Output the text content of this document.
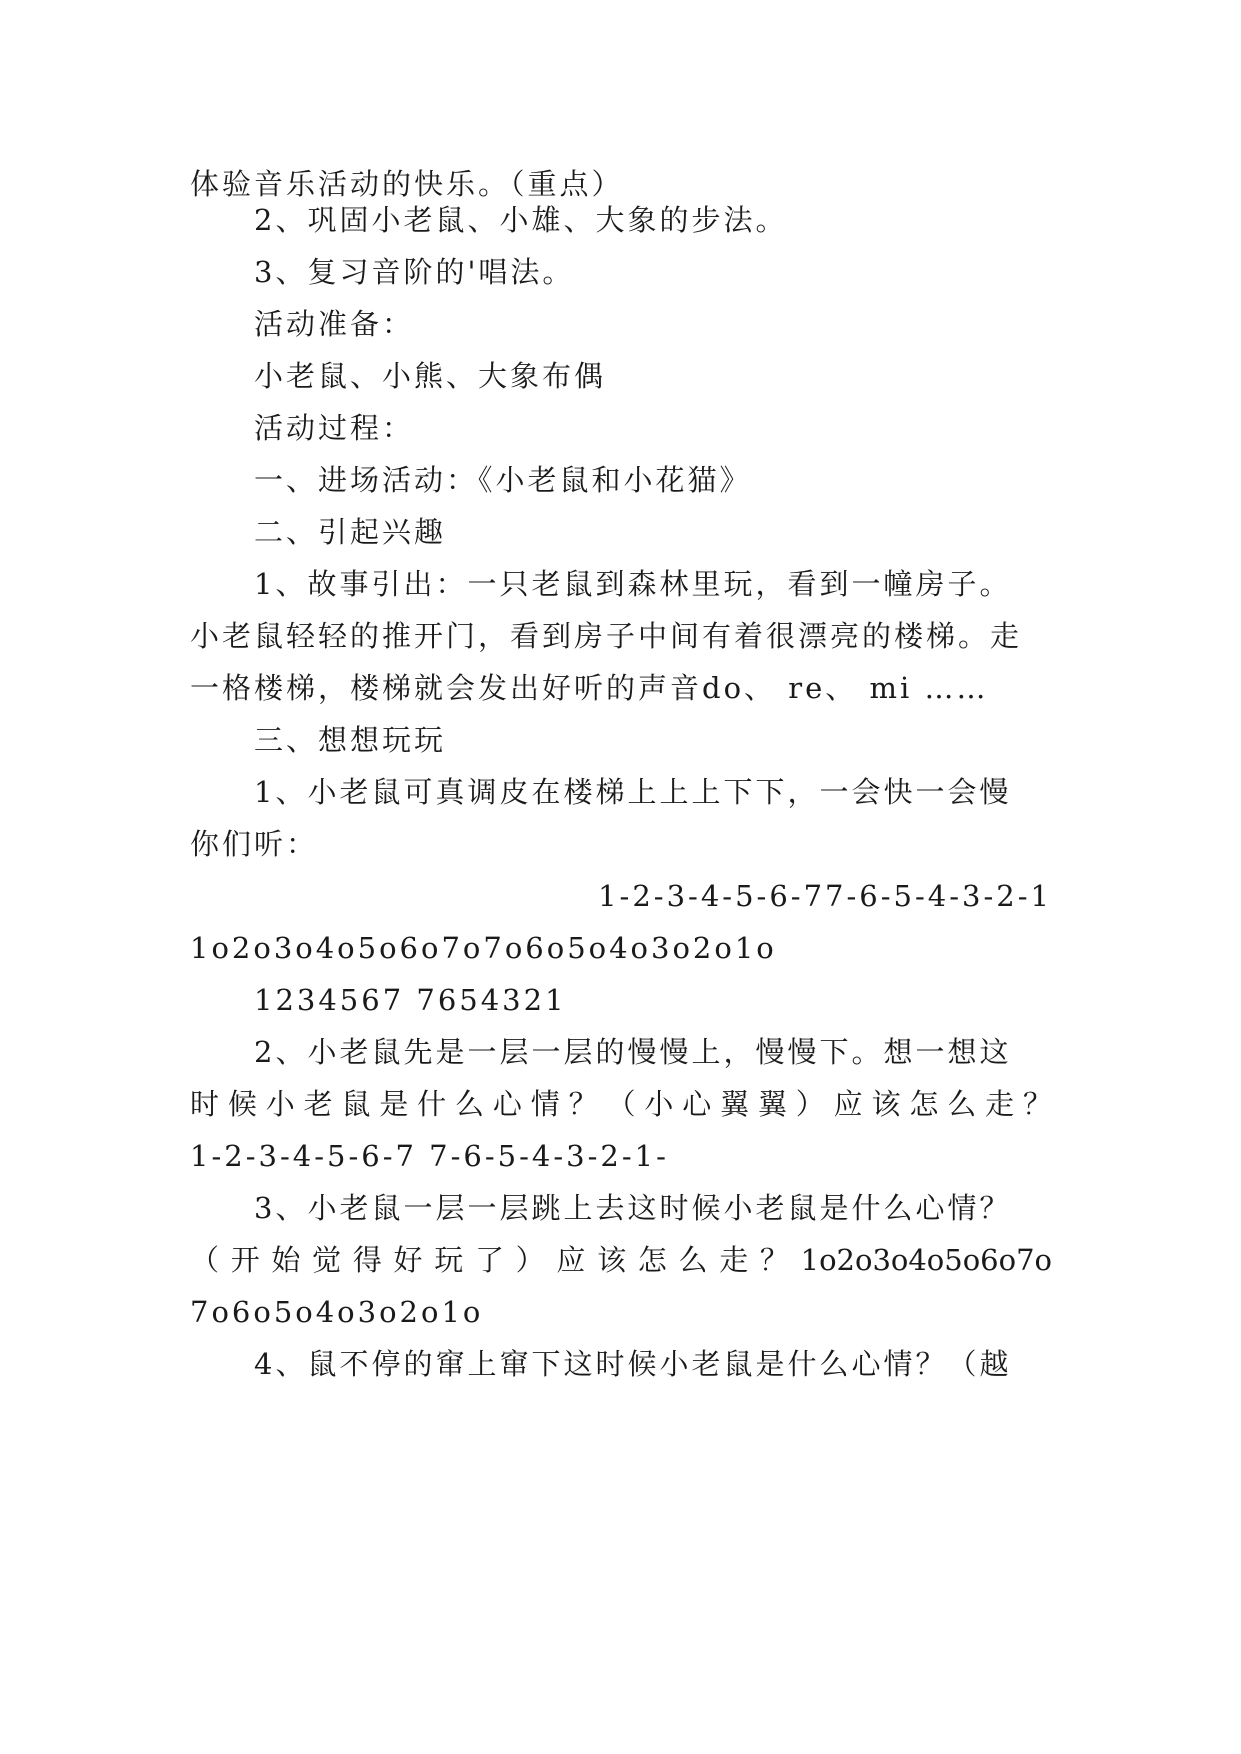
体验音乐活动的快乐。（重点）
2、巩固小老鼠、小雄、大象的步法。
3、复习音阶的'唱法。
活动准备：
小老鼠、小熊、大象布偶
活动过程：
一、进场活动：《小老鼠和小花猫》
二、引起兴趣
1、故事引出：一只老鼠到森林里玩，看到一幢房子。
小老鼠轻轻的推开门，看到房子中间有着很漂亮的楼梯。走
一格楼梯，楼梯就会发出好听的声音do、 re、 mi ……
三、想想玩玩
1、小老鼠可真调皮在楼梯上上上下下，一会快一会慢
你们听：
1-2-3-4-5-6-77-6-5-4-3-2-1
1o2o3o4o5o6o7o7o6o5o4o3o2o1o
1234567 7654321
2、小老鼠先是一层一层的慢慢上，慢慢下。想一想这
时候小老鼠是什么心情？（小心翼翼）应该怎么走？
1-2-3-4-5-6-7 7-6-5-4-3-2-1-
3、小老鼠一层一层跳上去这时候小老鼠是什么心情？
（开始觉得好玩了）应该怎么走？1o2o3o4o5o6o7o
7o6o5o4o3o2o1o
4、鼠不停的窜上窜下这时候小老鼠是什么心情？（越
